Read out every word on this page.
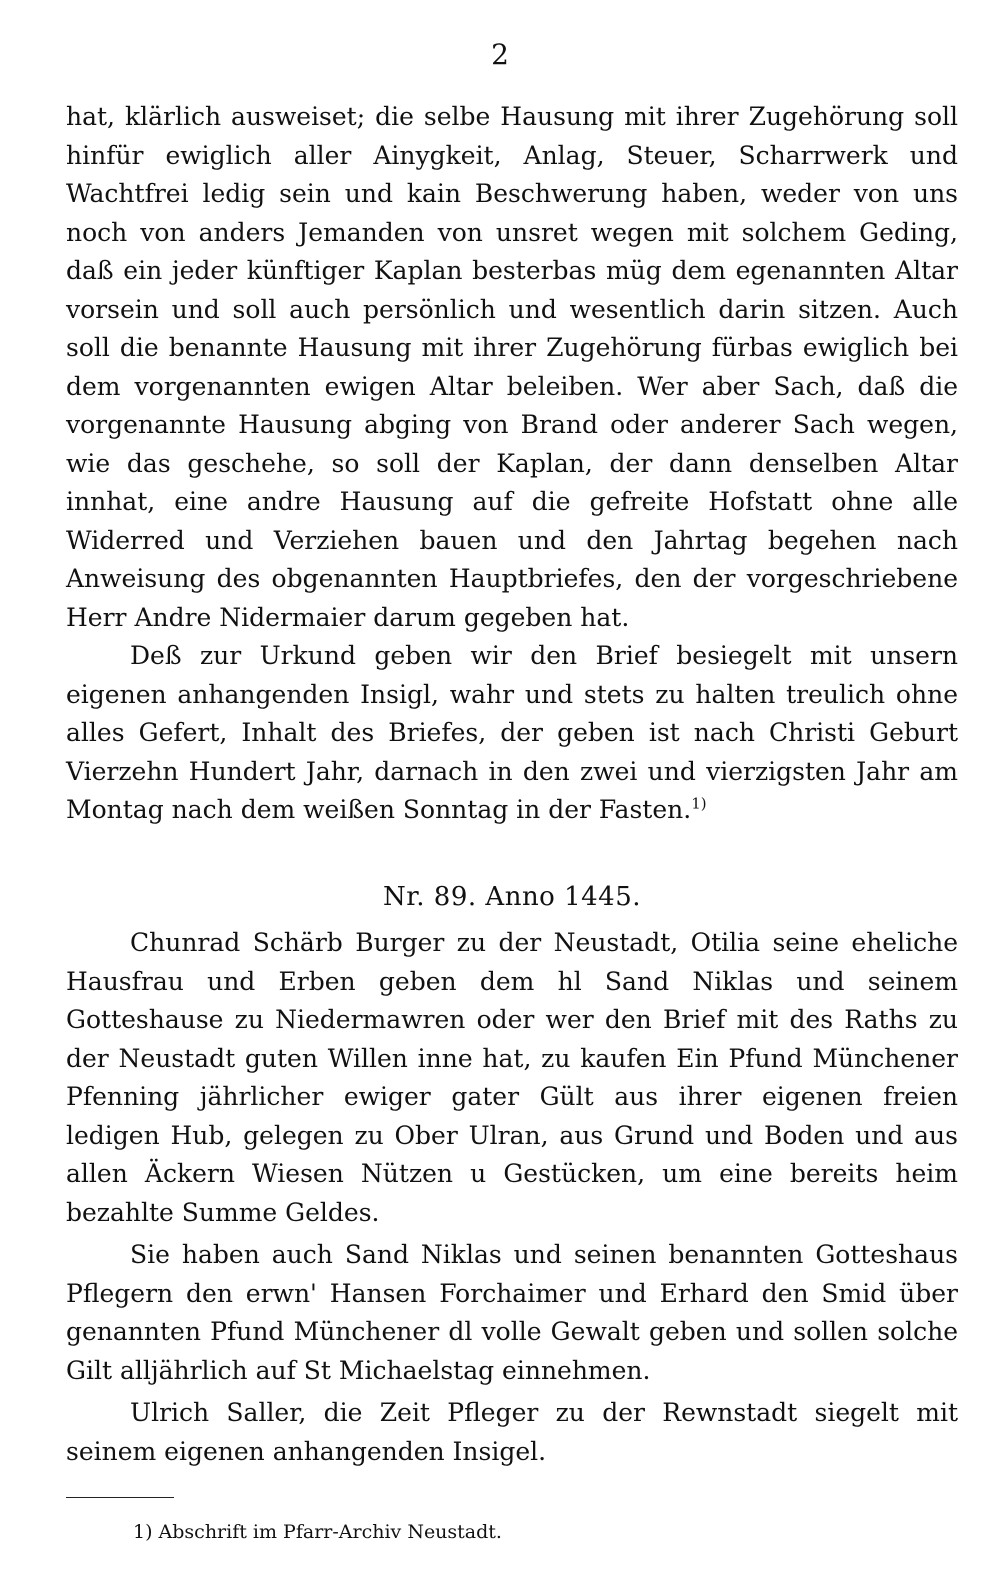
2

hat, klärlich ausweiset; die selbe Hausung mit ihrer Zugehörung soll hinfür ewiglich aller Ainygkeit, Anlag, Steuer, Scharrwerk und Wachtfrei ledig sein und kain Beschwerung haben, weder von uns noch von anders Jemanden von unsret wegen mit solchem Geding, daß ein jeder künftiger Kaplan besterbas müg dem egenannten Altar vorsein und soll auch persönlich und wesentlich darin sitzen. Auch soll die benannte Hausung mit ihrer Zugehörung fürbas ewiglich bei dem vorgenannten ewigen Altar beleiben. Wer aber Sach, daß die vorgenannte Hausung abging von Brand oder anderer Sach wegen, wie das geschehe, so soll der Kaplan, der dann denselben Altar innhat, eine andre Hausung auf die gefreite Hofstatt ohne alle Widerred und Verziehen bauen und den Jahrtag begehen nach Anweisung des obgenannten Hauptbriefes, den der vorgeschriebene Herr Andre Nidermaier darum gegeben hat.

Deß zur Urkund geben wir den Brief besiegelt mit unsern eigenen anhangenden Insigl, wahr und stets zu halten treulich ohne alles Gefert, Inhalt des Briefes, der geben ist nach Christi Geburt Vierzehn Hundert Jahr, darnach in den zwei und vierzigsten Jahr am Montag nach dem weißen Sonntag in der Fasten.$^{1)}$

Nr. 89. Anno 1445.

Chunrad Schärb Burger zu der Neustadt, Otilia seine eheliche Hausfrau und Erben geben dem hl Sand Niklas und seinem Gotteshause zu Niedermawren oder wer den Brief mit des Raths zu der Neustadt guten Willen inne hat, zu kaufen Ein Pfund Münchener Pfenning jährlicher ewiger gater Gült aus ihrer eigenen freien ledigen Hub, gelegen zu Ober Ulran, aus Grund und Boden und aus allen Äckern Wiesen Nützen u Gestücken, um eine bereits heim bezahlte Summe Geldes.

Sie haben auch Sand Niklas und seinen benannten Gotteshaus Pflegern den erwn' Hansen Forchaimer und Erhard den Smid über genannten Pfund Münchener dl volle Gewalt geben und sollen solche Gilt alljährlich auf St Michaelstag einnehmen.

Ulrich Saller, die Zeit Pfleger zu der Rewnstadt siegelt mit seinem eigenen anhangenden Insigel.

1) Abschrift im Pfarr-Archiv Neustadt.
